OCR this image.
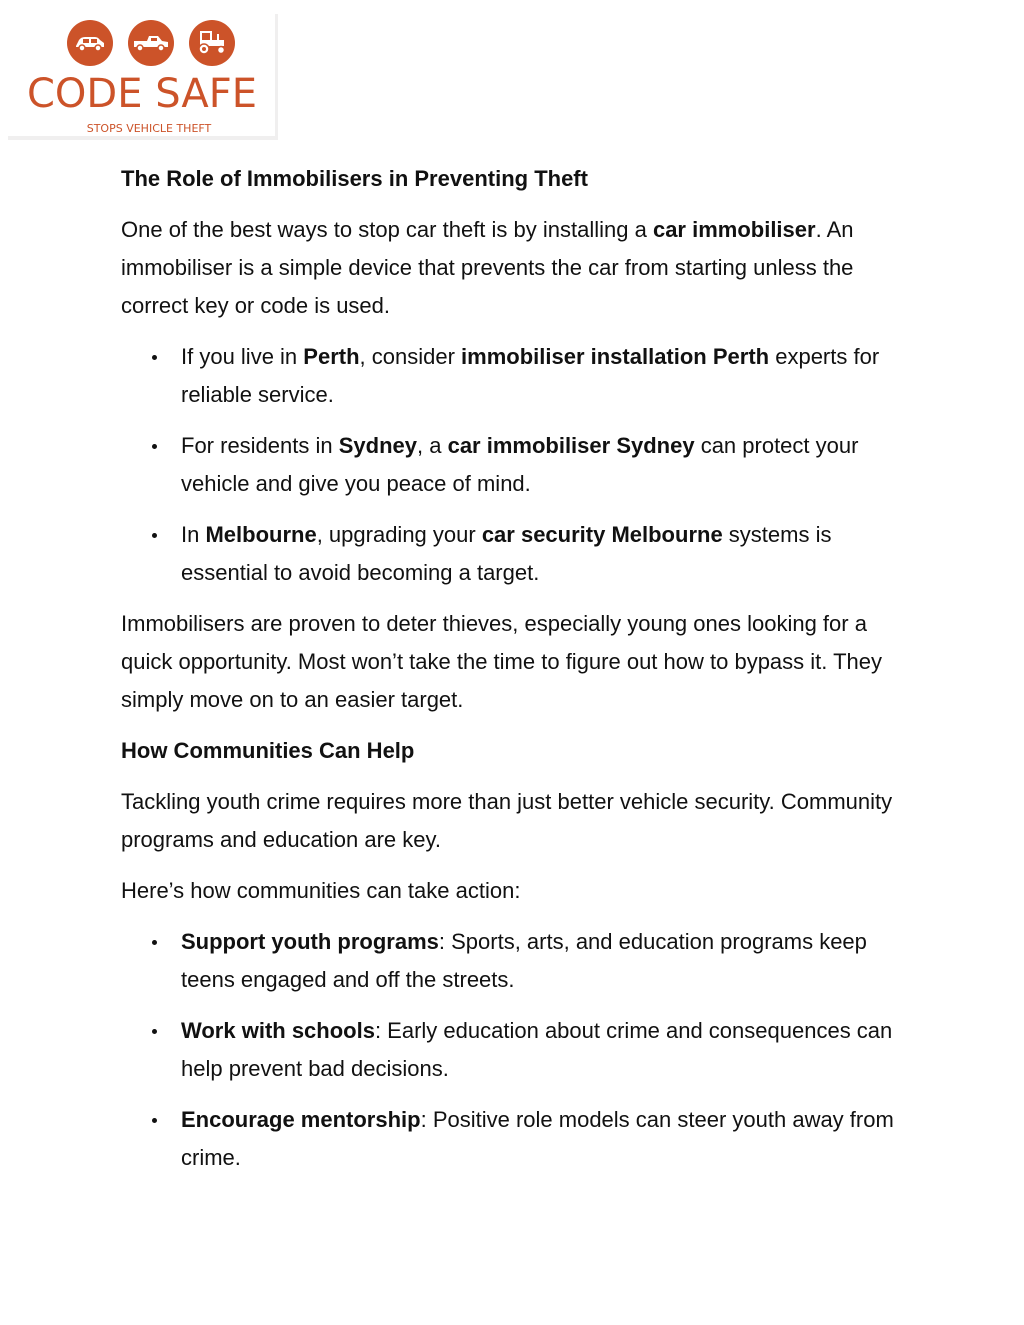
CODE SAFE
STOPS VEHICLE THEFT
The Role of Immobilisers in Preventing Theft

One of the best ways to stop car theft is by installing a car immobiliser. An immobiliser is a simple device that prevents the car from starting unless the correct key or code is used.

If you live in Perth, consider immobiliser installation Perth experts for reliable service.
For residents in Sydney, a car immobiliser Sydney can protect your vehicle and give you peace of mind.
In Melbourne, upgrading your car security Melbourne systems is essential to avoid becoming a target.

Immobilisers are proven to deter thieves, especially young ones looking for a quick opportunity. Most won’t take the time to figure out how to bypass it. They simply move on to an easier target.

How Communities Can Help

Tackling youth crime requires more than just better vehicle security. Community programs and education are key.

Here’s how communities can take action:

Support youth programs: Sports, arts, and education programs keep teens engaged and off the streets.
Work with schools: Early education about crime and consequences can help prevent bad decisions.
Encourage mentorship: Positive role models can steer youth away from crime.
